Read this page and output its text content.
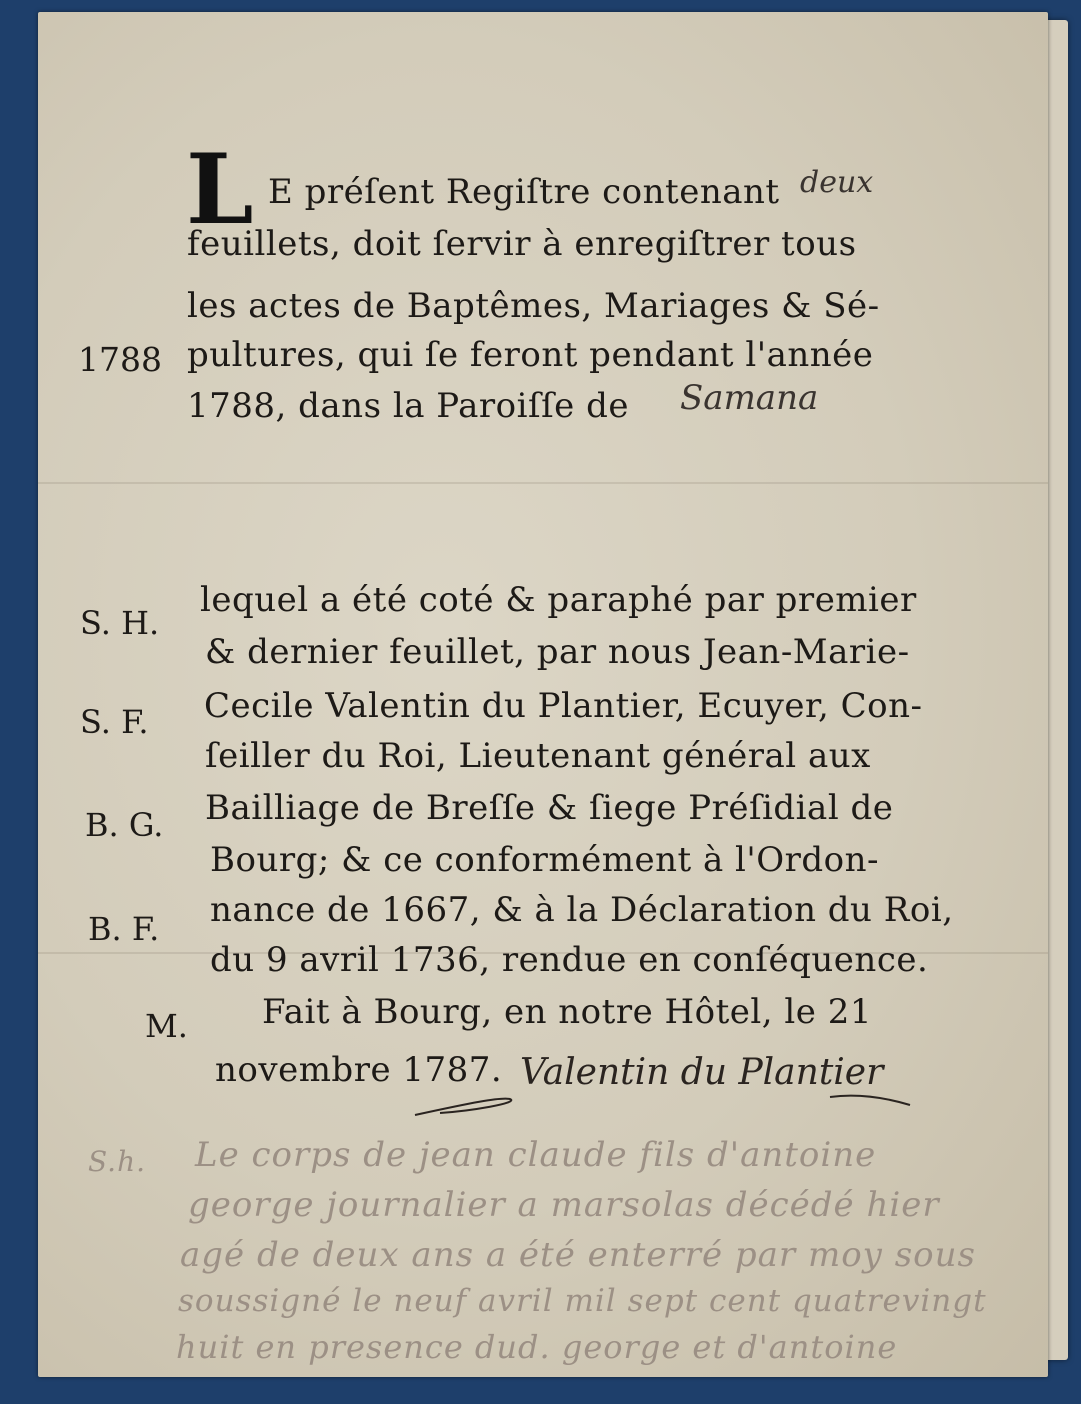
L E préſent Regiſtre contenant deux
feuillets, doit ſervir à enregiſtrer tous
les actes de Baptêmes, Mariages & Sé-
1788 pultures, qui ſe feront pendant l'année
1788, dans la Paroiſſe de Samana
S. H.
S. F.
B. G.
B. F.
M.
lequel a été coté & paraphé par premier
& dernier feuillet, par nous Jean-Marie-
Cecile Valentin du Plantier, Ecuyer, Con-
ſeiller du Roi, Lieutenant général aux
Bailliage de Breſſe & ſiege Préſidial de
Bourg; & ce conformément à l'Ordon-
nance de 1667, & à la Déclaration du Roi,
du 9 avril 1736, rendue en conſéquence.
Fait à Bourg, en notre Hôtel, le 21
novembre 1787. Valentin du Plantier
S.h. Le corps de jean claude fils d'antoine
george journalier a marsolas décédé hier
agé de deux ans a été enterré par moy sous
soussigné le neuf avril mil sept cent quatrevingt
huit en presence dud. george et d'antoine
